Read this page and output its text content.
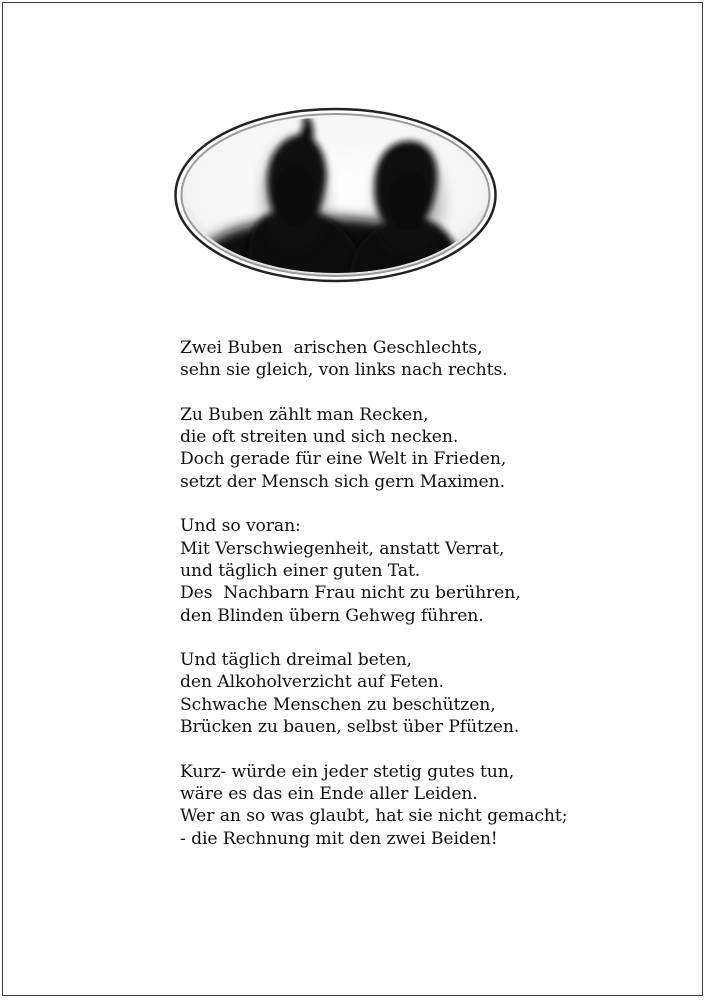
Zwei Buben  arischen Geschlechts,
sehn sie gleich, von links nach rechts.
Zu Buben zählt man Recken,
die oft streiten und sich necken.
Doch gerade für eine Welt in Frieden,
setzt der Mensch sich gern Maximen.
Und so voran:
Mit Verschwiegenheit, anstatt Verrat,
und täglich einer guten Tat.
Des  Nachbarn Frau nicht zu berühren,
den Blinden übern Gehweg führen.
Und täglich dreimal beten,
den Alkoholverzicht auf Feten.
Schwache Menschen zu beschützen,
Brücken zu bauen, selbst über Pfützen.
Kurz- würde ein jeder stetig gutes tun,
wäre es das ein Ende aller Leiden.
Wer an so was glaubt, hat sie nicht gemacht;
- die Rechnung mit den zwei Beiden!
